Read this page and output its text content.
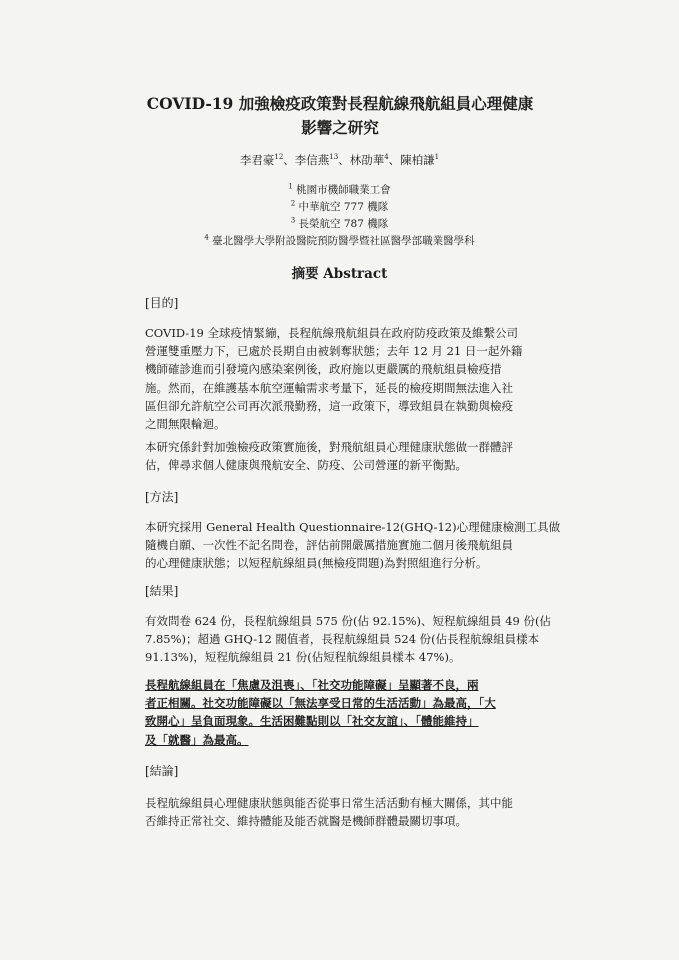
COVID-19 加強檢疫政策對長程航線飛航組員心理健康
影響之研究
李君豪$^{12}$、李信燕$^{13}$、林劭華$^4$、陳柏謙$^1$
$^1$ 桃園市機師職業工會
$^2$ 中華航空 777 機隊
$^3$ 長榮航空 787 機隊
$^4$ 臺北醫學大學附設醫院預防醫學暨社區醫學部職業醫學科
摘要 Abstract
[目的]

COVID-19 全球疫情緊繃，長程航線飛航組員在政府防疫政策及維繫公司
營運雙重壓力下，已處於長期自由被剝奪狀態；去年 12 月 21 日一起外籍
機師確診進而引發境內感染案例後，政府施以更嚴厲的飛航組員檢疫措
施。然而，在維護基本航空運輸需求考量下，延長的檢疫期間無法進入社
區但卻允許航空公司再次派飛勤務，這一政策下，導致組員在執勤與檢疫
之間無限輪迴。

本研究係針對加強檢疫政策實施後，對飛航組員心理健康狀態做一群體評
估，俾尋求個人健康與飛航安全、防疫、公司營運的新平衡點。

[方法]

本研究採用 General Health Questionnaire-12(GHQ-12)心理健康檢測工具做
隨機自願、一次性不記名問卷，評估前開嚴厲措施實施二個月後飛航組員
的心理健康狀態；以短程航線組員(無檢疫問題)為對照組進行分析。

[結果]

有效問卷 624 份，長程航線組員 575 份(佔 92.15%)、短程航線組員 49 份(佔
7.85%)；超過 GHQ-12 閥值者，長程航線組員 524 份(佔長程航線組員樣本
91.13%)，短程航線組員 21 份(佔短程航線組員樣本 47%)。

長程航線組員在「焦慮及沮喪」、「社交功能障礙」呈顯著不良，兩
者正相關。社交功能障礙以「無法享受日常的生活活動」為最高，「大
致開心」呈負面現象。生活困難點則以「社交友誼」、「體能維持」
及「就醫」為最高。

[結論]

長程航線組員心理健康狀態與能否從事日常生活活動有極大關係，其中能
否維持正常社交、維持體能及能否就醫是機師群體最關切事項。
